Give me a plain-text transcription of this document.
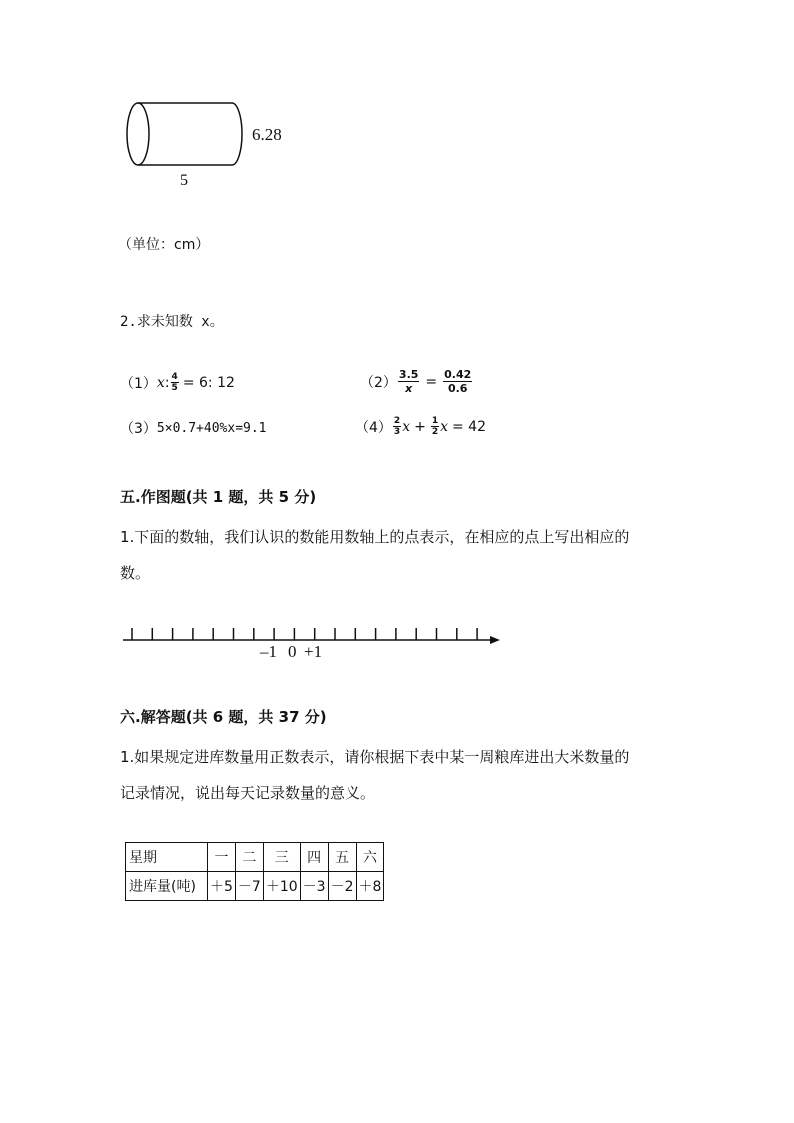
6.28
5
（单位：cm）
2.求未知数 x。
（1） x : $\frac{4}{5} = 6$: 12	$(2) \frac{3.5}{x} = \frac{0.42}{0.6}$
（3） 5×0.7+40%x=9.1	$(4) \frac{2}{3}$ $x + \frac{1}{2}$ x = 42
五.作图题(共 1 题，共 5 分)
1.下面的数轴，我们认识的数能用数轴上的点表示，在相应的点上写出相应的
数。
–1 0 +1
六.解答题(共 6 题，共 37 分)
1.如果规定进库数量用正数表示，请你根据下表中某一周粮库进出大米数量的
记录情况，说出每天记录数量的意义。
星期	一	二	三	四	五	六
进库量(吨)	＋5	－7	＋10	－3	－2	＋8
